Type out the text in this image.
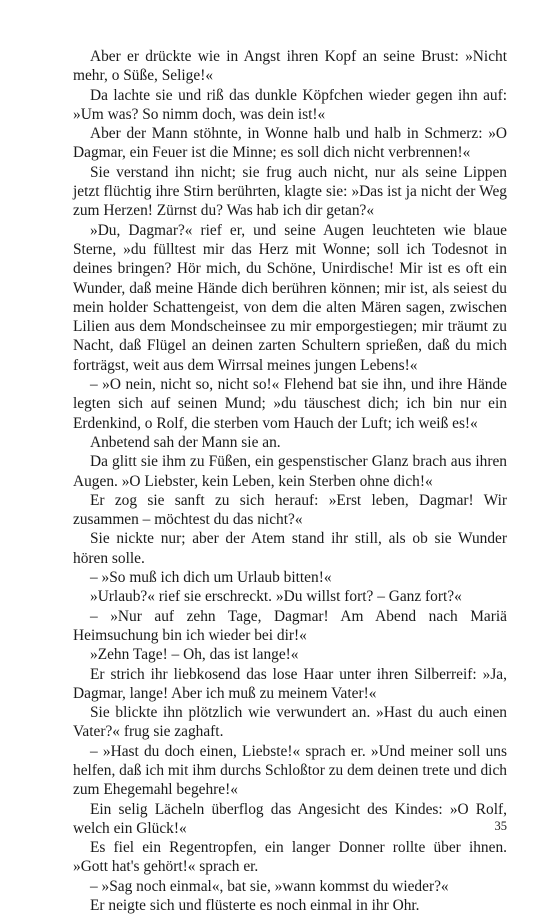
Aber er drückte wie in Angst ihren Kopf an seine Brust: »Nicht mehr, o Süße, Selige!«

Da lachte sie und riß das dunkle Köpfchen wieder gegen ihn auf: »Um was? So nimm doch, was dein ist!«

Aber der Mann stöhnte, in Wonne halb und halb in Schmerz: »O Dagmar, ein Feuer ist die Minne; es soll dich nicht verbrennen!«

Sie verstand ihn nicht; sie frug auch nicht, nur als seine Lippen jetzt flüchtig ihre Stirn berührten, klagte sie: »Das ist ja nicht der Weg zum Herzen! Zürnst du? Was hab ich dir getan?«

»Du, Dagmar?« rief er, und seine Augen leuchteten wie blaue Sterne, »du fülltest mir das Herz mit Wonne; soll ich Todesnot in deines bringen? Hör mich, du Schöne, Unirdische! Mir ist es oft ein Wunder, daß meine Hände dich berühren können; mir ist, als seiest du mein holder Schattengeist, von dem die alten Mären sagen, zwischen Lilien aus dem Mondscheinsee zu mir emporgestiegen; mir träumt zu Nacht, daß Flügel an deinen zarten Schultern sprießen, daß du mich forträgst, weit aus dem Wirrsal meines jungen Lebens!«

– »O nein, nicht so, nicht so!« Flehend bat sie ihn, und ihre Hände legten sich auf seinen Mund; »du täuschest dich; ich bin nur ein Erdenkind, o Rolf, die sterben vom Hauch der Luft; ich weiß es!«

Anbetend sah der Mann sie an.

Da glitt sie ihm zu Füßen, ein gespenstischer Glanz brach aus ihren Augen. »O Liebster, kein Leben, kein Sterben ohne dich!«

Er zog sie sanft zu sich herauf: »Erst leben, Dagmar! Wir zusammen – möchtest du das nicht?«

Sie nickte nur; aber der Atem stand ihr still, als ob sie Wunder hören solle.

– »So muß ich dich um Urlaub bitten!«

»Urlaub?« rief sie erschreckt. »Du willst fort? – Ganz fort?«

– »Nur auf zehn Tage, Dagmar! Am Abend nach Mariä Heimsuchung bin ich wieder bei dir!«

»Zehn Tage! – Oh, das ist lange!«

Er strich ihr liebkosend das lose Haar unter ihren Silberreif: »Ja, Dagmar, lange! Aber ich muß zu meinem Vater!«

Sie blickte ihn plötzlich wie verwundert an. »Hast du auch einen Vater?« frug sie zaghaft.

– »Hast du doch einen, Liebste!« sprach er. »Und meiner soll uns helfen, daß ich mit ihm durchs Schloßtor zu dem deinen trete und dich zum Ehegemahl begehre!«

Ein selig Lächeln überflog das Angesicht des Kindes: »O Rolf, welch ein Glück!«

Es fiel ein Regentropfen, ein langer Donner rollte über ihnen. »Gott hat's gehört!« sprach er.

– »Sag noch einmal«, bat sie, »wann kommst du wieder?«

Er neigte sich und flüsterte es noch einmal in ihr Ohr.

35
